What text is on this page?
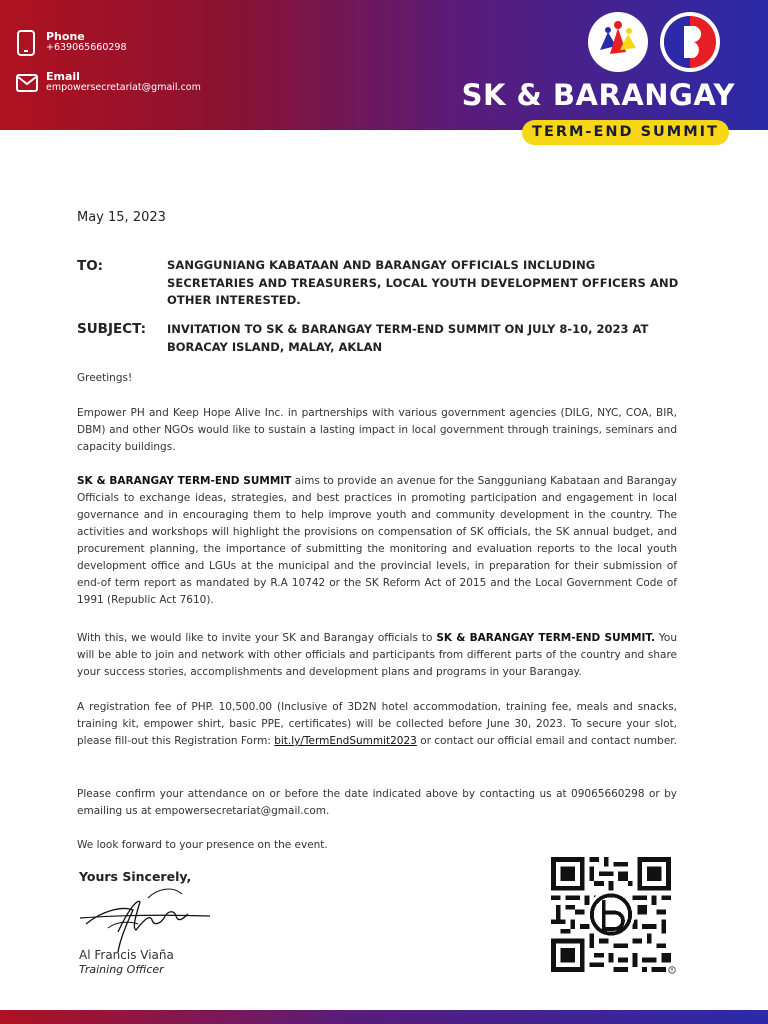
Phone
+639065660298
Email
empowersecretariat@gmail.com	SK & BARANGAY
TERM-END SUMMIT
May 15, 2023
TO:	SANGGUNIANG KABATAAN AND BARANGAY OFFICIALS INCLUDING SECRETARIES AND TREASURERS, LOCAL YOUTH DEVELOPMENT OFFICERS AND OTHER INTERESTED.
SUBJECT: INVITATION TO SK & BARANGAY TERM-END SUMMIT ON JULY 8-10, 2023 AT BORACAY ISLAND, MALAY, AKLAN
Greetings!
Empower PH and Keep Hope Alive Inc. in partnerships with various government agencies (DILG, NYC, COA, BIR, DBM) and other NGOs would like to sustain a lasting impact in local government through trainings, seminars and capacity buildings.
SK & BARANGAY TERM-END SUMMIT aims to provide an avenue for the Sangguniang Kabataan and Barangay Officials to exchange ideas, strategies, and best practices in promoting participation and engagement in local governance and in encouraging them to help improve youth and community development in the country. The activities and workshops will highlight the provisions on compensation of SK officials, the SK annual budget, and procurement planning, the importance of submitting the monitoring and evaluation reports to the local youth development office and LGUs at the municipal and the provincial levels, in preparation for their submission of end-of term report as mandated by R.A 10742 or the SK Reform Act of 2015 and the Local Government Code of 1991 (Republic Act 7610).
With this, we would like to invite your SK and Barangay officials to SK & BARANGAY TERM-END SUMMIT. You will be able to join and network with other officials and participants from different parts of the country and share your success stories, accomplishments and development plans and programs in your Barangay.
A registration fee of PHP. 10,500.00 (Inclusive of 3D2N hotel accommodation, training fee, meals and snacks, training kit, empower shirt, basic PPE, certificates) will be collected before June 30, 2023. To secure your slot, please fill-out this Registration Form: bit.ly/TermEndSummit2023 or contact our official email and contact number.
Please confirm your attendance on or before the date indicated above by contacting us at 09065660298 or by emailing us at empowersecretariat@gmail.com.
We look forward to your presence on the event.
Yours Sincerely,
Al Francis Viaña
Training Officer	R
